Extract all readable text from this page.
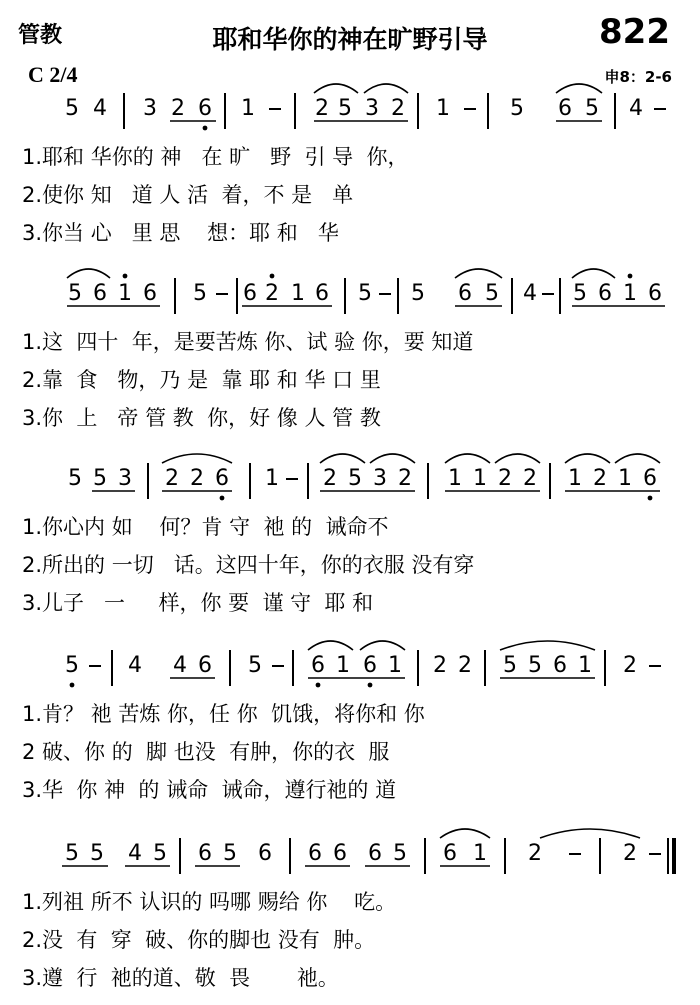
管教	耶和华你的神在旷野引导	822
C 2/4	申8：2-6
5 4 3 2 6 1	2 5 3 2 1	5 6 5 4
5 6 1 6 5 6 2 1 6 5 5 6 5 4 5 6 1 6
5 5 3 2 2 6 1 2 5 3 2 1 1 2 2 1 2 1 6
5 4 4 6 5 6 1 6 1 2 2 5 5 6 1 2
5 5 4 5 6 5 6 6 6 6 5 6 1 2	2
1.耶和 华你的 神   在 旷   野  引 导  你，
2.使你 知   道 人 活  着，不 是   单
3.你当 心   里 思    想：耶 和   华
1.这  四十  年，是要苦炼 你、试 验 你，要 知道
2.靠  食   物，乃 是  靠 耶 和 华 口 里
3.你  上   帝 管 教  你，好 像 人 管 教
1.你心内 如    何？肯 守  祂 的  诫命不
2.所出的 一切   话。这四十年，你的衣服 没有穿
3.儿子   一     样，你 要  谨 守  耶 和
1.肯？ 祂 苦炼 你，任 你  饥饿，将你和 你
2 破、你 的  脚 也没  有肿，你的衣  服
3.华  你 神  的 诫命  诫命，遵行祂的 道
1.列祖 所不 认识的 吗哪 赐给 你    吃。
2.没  有  穿  破、你的脚也 没有  肿。
3.遵  行  祂的道、敬  畏       祂。
